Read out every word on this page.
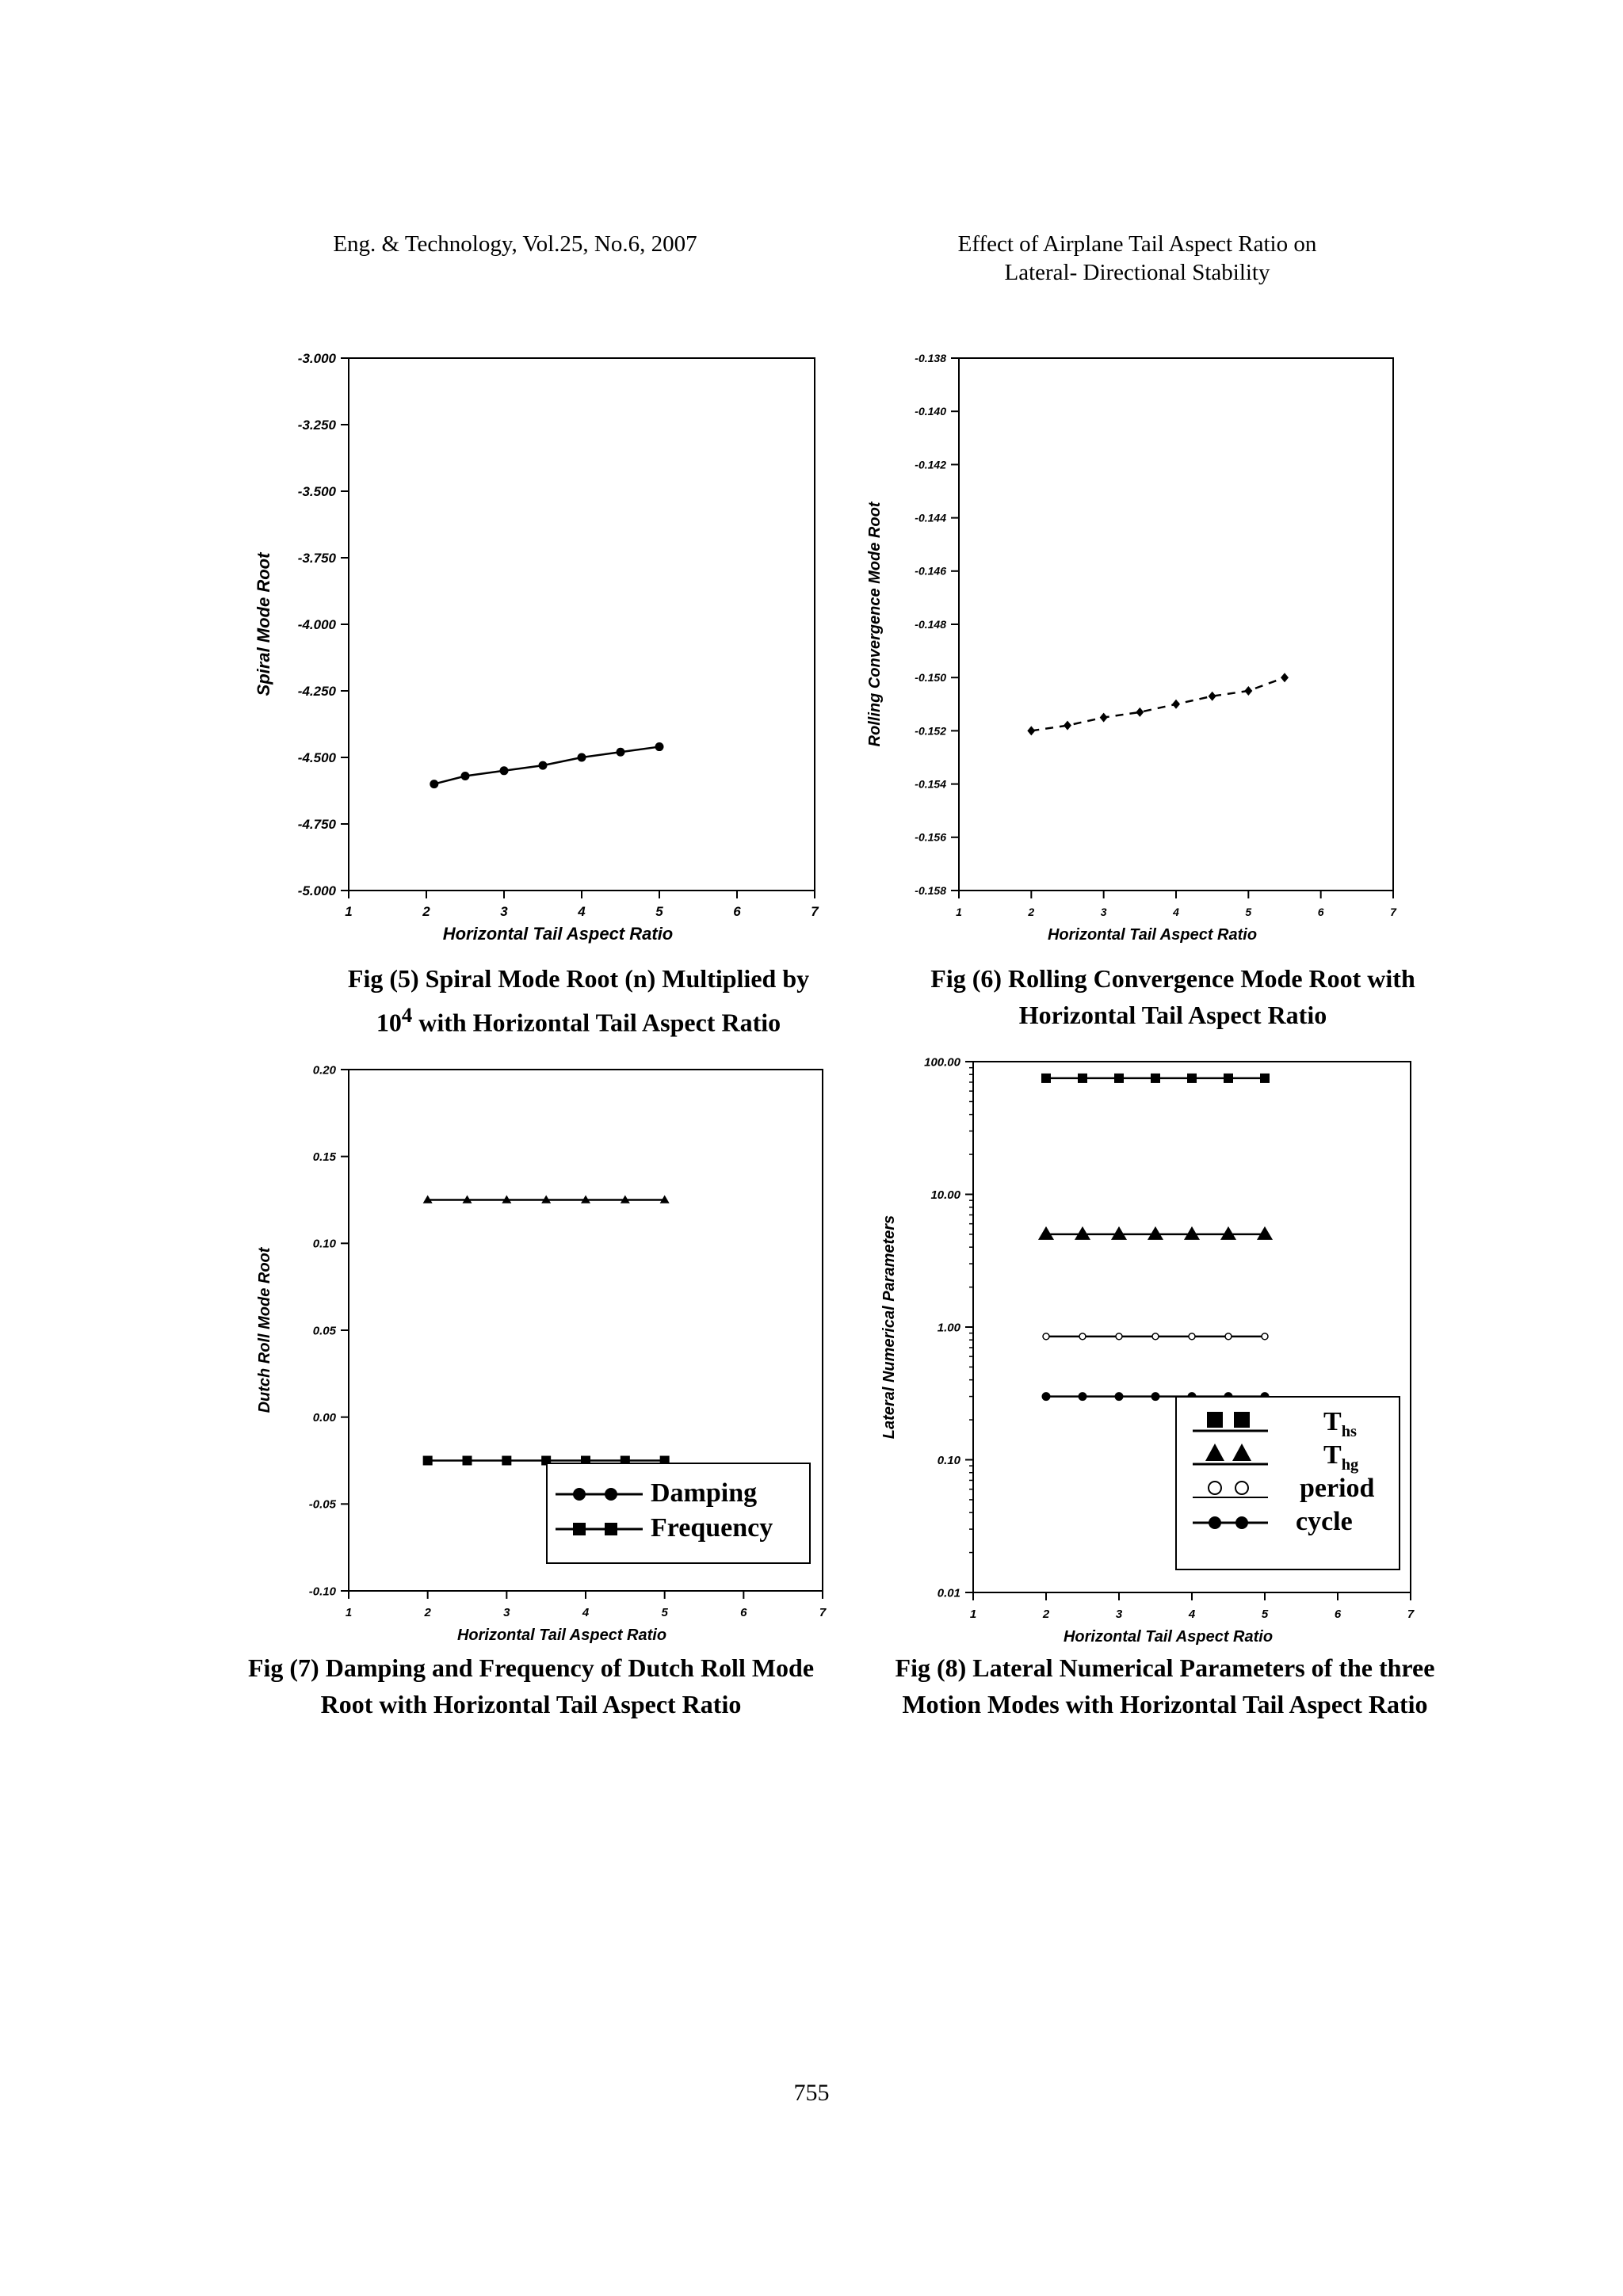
Eng. & Technology, Vol.25, No.6, 2007	Effect of Airplane Tail Aspect Ratio on
Lateral- Directional Stability
1	2	3	4	5	6	7
-3.000
-3.250
-3.500
-3.750
-4.000
-4.250
-4.500
-4.750
-5.000
Horizontal Tail Aspect Ratio
Spiral Mode Root
Fig (5) Spiral Mode Root (n) Multiplied by
$10^4$ with Horizontal Tail Aspect Ratio
1	2	3	4	5	6	7
-0.138
-0.140
-0.142
-0.144
-0.146
-0.148
-0.150
-0.152
-0.154
-0.156
-0.158
Horizontal Tail Aspect Ratio
Rolling Convergence Mode Root
Fig (6) Rolling Convergence Mode Root with
Horizontal Tail Aspect Ratio
1	2	3	4	5	6	7
0.20
0.15
0.10
0.05
0.00
-0.05
-0.10
Horizontal Tail Aspect Ratio
Dutch Roll Mode Root
Damping
Frequency
Fig (7) Damping and Frequency of Dutch Roll Mode
Root with Horizontal Tail Aspect Ratio
1	2	3	4	5	6	7
100.00
10.00
1.00
0.10
0.01
Horizontal Tail Aspect Ratio
Lateral Numerical Parameters	$T_{hs}$
$T_{hg}$
period
cycle
Fig (8) Lateral Numerical Parameters of the three
Motion Modes with Horizontal Tail Aspect Ratio
755
